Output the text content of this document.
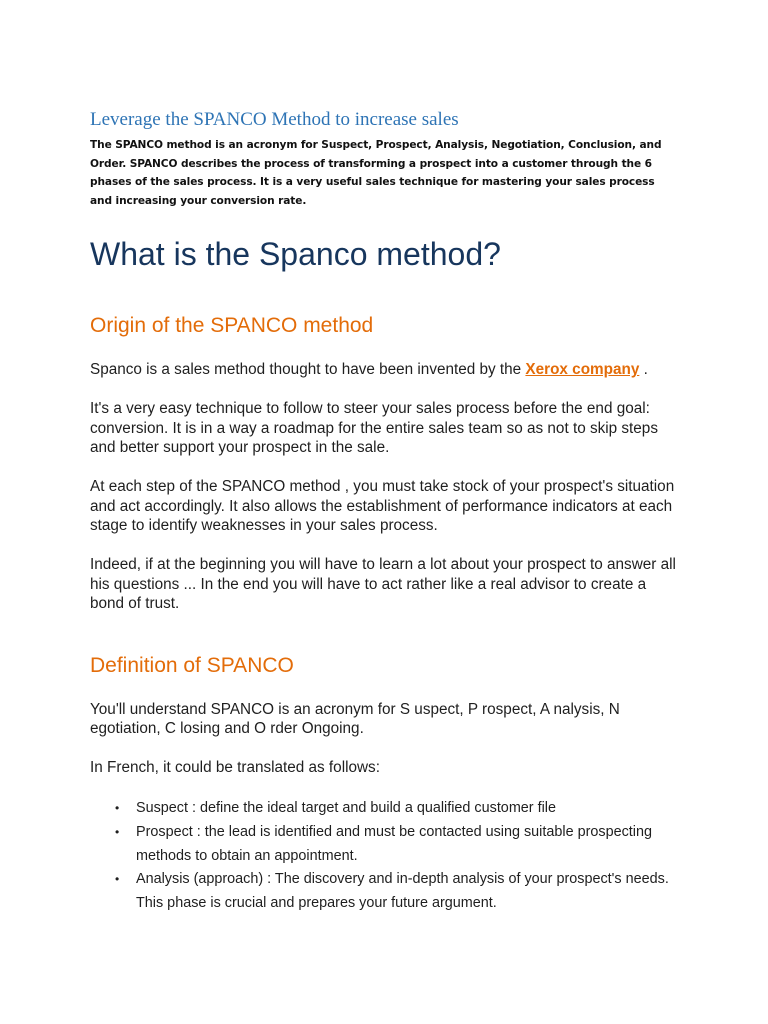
Leverage the SPANCO Method to increase sales

The SPANCO method is an acronym for Suspect, Prospect, Analysis, Negotiation, Conclusion, and Order. SPANCO describes the process of transforming a prospect into a customer through the 6 phases of the sales process. It is a very useful sales technique for mastering your sales process and increasing your conversion rate.

What is the Spanco method?
Origin of the SPANCO method

Spanco is a sales method thought to have been invented by the Xerox company .

It's a very easy technique to follow to steer your sales process before the end goal: conversion. It is in a way a roadmap for the entire sales team so as not to skip steps and better support your prospect in the sale.

At each step of the SPANCO method , you must take stock of your prospect's situation and act accordingly. It also allows the establishment of performance indicators at each stage to identify weaknesses in your sales process.

Indeed, if at the beginning you will have to learn a lot about your prospect to answer all his questions ... In the end you will have to act rather like a real advisor to create a bond of trust.

Definition of SPANCO

You'll understand SPANCO is an acronym for S uspect, P rospect, A nalysis, N egotiation, C losing and O rder Ongoing.

In French, it could be translated as follows:

• Suspect : define the ideal target and build a qualified customer file
• Prospect : the lead is identified and must be contacted using suitable prospecting methods to obtain an appointment.
• Analysis (approach) : The discovery and in-depth analysis of your prospect's needs. This phase is crucial and prepares your future argument.
